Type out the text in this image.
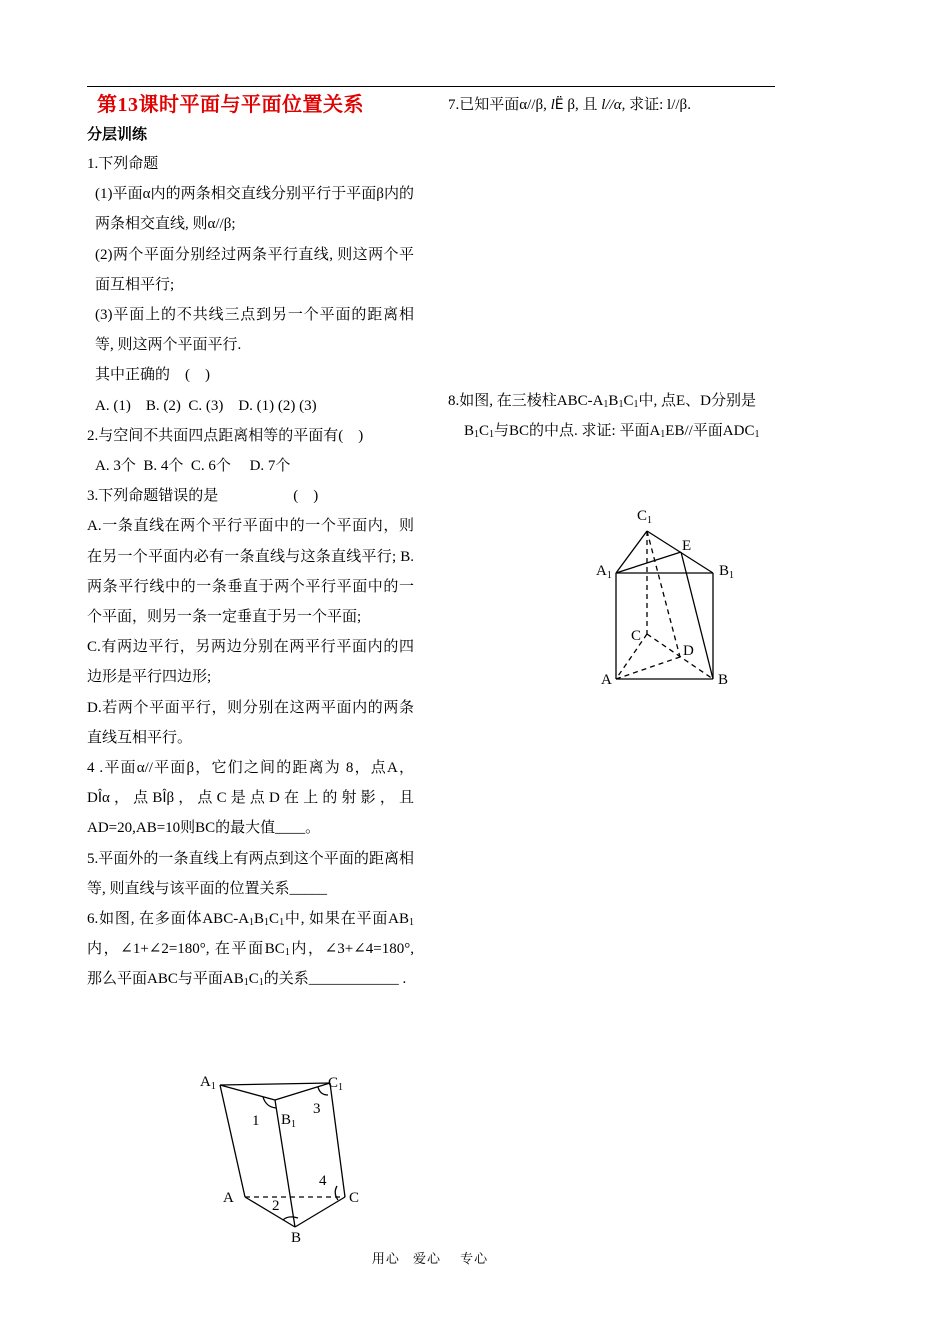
第13课时平面与平面位置关系
分层训练

1.下列命题

(1)平面α内的两条相交直线分别平行于平面β内的两条相交直线, 则α//β;

(2)两个平面分别经过两条平行直线, 则这两个平面互相平行;

(3)平面上的不共线三点到另一个平面的距离相等, 则这两个平面平行.

其中正确的　(　)

A. (1)　B. (2)  C. (3)　D. (1) (2) (3)

2.与空间不共面四点距离相等的平面有(　)

A. 3个  B. 4个  C. 6个　 D. 7个

3.下列命题错误的是　　　　　(　)

A.一条直线在两个平行平面中的一个平面内，则在另一个平面内必有一条直线与这条直线平行; B.两条平行线中的一条垂直于两个平行平面中的一个平面，则另一条一定垂直于另一个平面;

C.有两边平行，另两边分别在两平行平面内的四边形是平行四边形;

D.若两个平面平行，则分别在这两平面内的两条直线互相平行。

4 .平面α//平面β，它们之间的距离为 8，点A，DÎα，点BÎβ，点C是点D在上的射影，且AD=20,AB=10则BC的最大值____。

5.平面外的一条直线上有两点到这个平面的距离相等, 则直线与该平面的位置关系_____

6.如图, 在多面体ABC-$A_1B_1C_1$中, 如果在平面$AB_1$内，∠1+∠2=180°, 在平面$BC_1$内，∠3+∠4=180°, 那么平面ABC与平面$AB_1C_1$的关系____________ .

7.已知平面α//β, lË β, 且 l//α, 求证: l//β.

8.如图, 在三棱柱ABC-$A_1B_1C_1$中, 点E、D分别是$B_1C_1$与BC的中点. 求证: 平面$A_1EB//$平面$ADC_1$

$A_1$	$C_1$
$B_1$
A	C
B
1
3
4
2
$C_1$
E
$A_1$	$B_1$
C
D
A	B
用心 爱心 专心
